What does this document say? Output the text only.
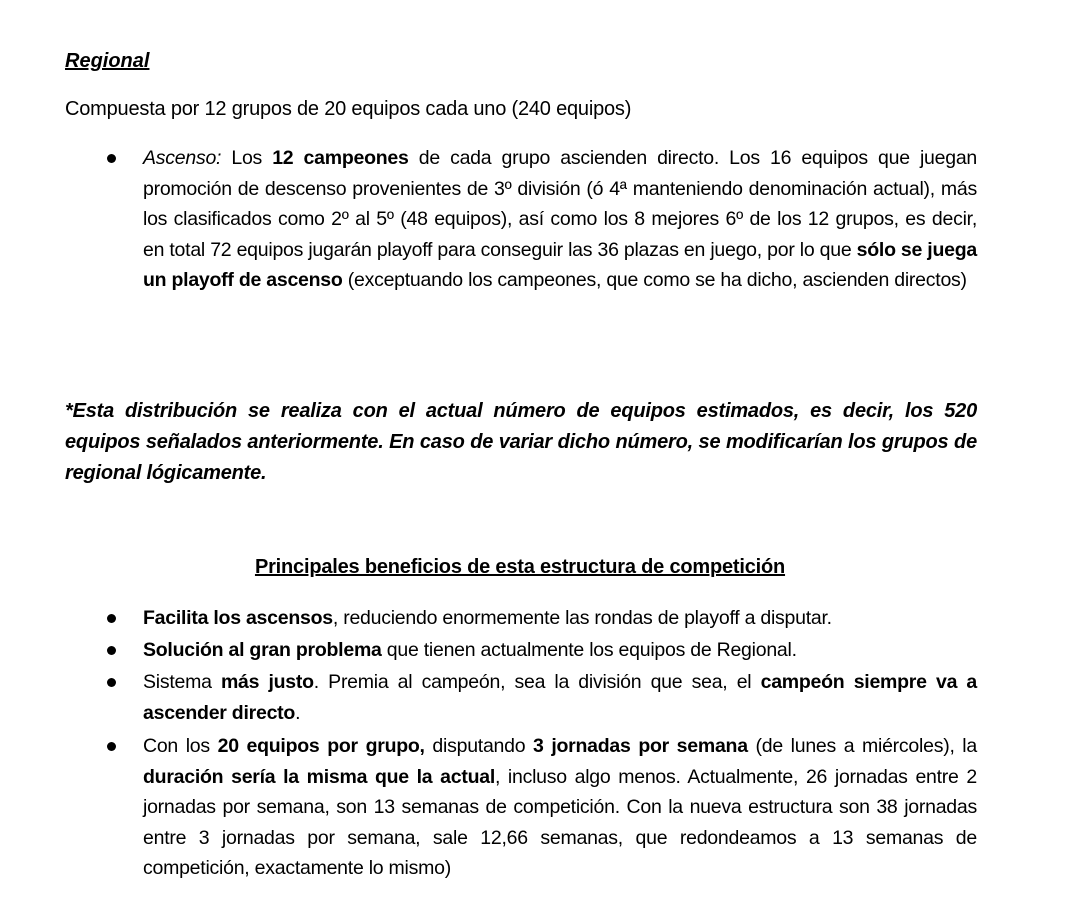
Regional
Compuesta por 12 grupos de 20 equipos cada uno (240 equipos)
Ascenso: Los 12 campeones de cada grupo ascienden directo. Los 16 equipos que juegan promoción de descenso provenientes de 3º división (ó 4ª manteniendo denominación actual), más los clasificados como 2º al 5º (48 equipos), así como los 8 mejores 6º de los 12 grupos, es decir, en total 72 equipos jugarán playoff para conseguir las 36 plazas en juego, por lo que sólo se juega un playoff de ascenso (exceptuando los campeones, que como se ha dicho, ascienden directos)
*Esta distribución se realiza con el actual número de equipos estimados, es decir, los 520 equipos señalados anteriormente. En caso de variar dicho número, se modificarían los grupos de regional lógicamente.
Principales beneficios de esta estructura de competición
Facilita los ascensos, reduciendo enormemente las rondas de playoff a disputar.
Solución al gran problema que tienen actualmente los equipos de Regional.
Sistema más justo. Premia al campeón, sea la división que sea, el campeón siempre va a ascender directo.
Con los 20 equipos por grupo, disputando 3 jornadas por semana (de lunes a miércoles), la duración sería la misma que la actual, incluso algo menos. Actualmente, 26 jornadas entre 2 jornadas por semana, son 13 semanas de competición. Con la nueva estructura son 38 jornadas entre 3 jornadas por semana, sale 12,66 semanas, que redondeamos a 13 semanas de competición, exactamente lo mismo)
